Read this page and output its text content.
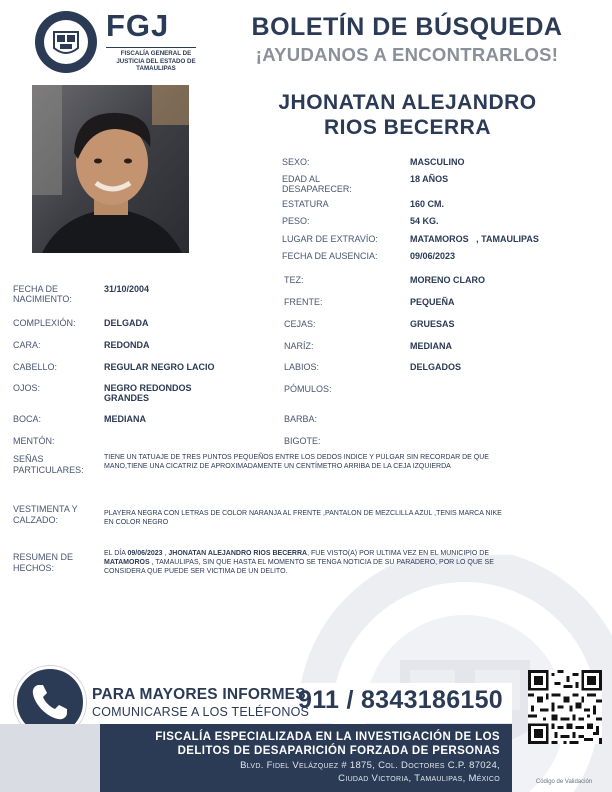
FGJ
FISCALÍA GENERAL DE JUSTICIA DEL ESTADO DE TAMAULIPAS
BOLETÍN DE BÚSQUEDA
¡AYUDANOS A ENCONTRARLOS!
JHONATAN ALEJANDRO
RIOS BECERRA
SEXO:	MASCULINO
EDAD AL
DESAPARECER:
18 AÑOS
ESTATURA	160 CM.
PESO:	54 KG.
LUGAR DE EXTRAVÍO:	MATAMOROS   , TAMAULIPAS
FECHA DE AUSENCIA:	09/06/2023
FECHA DE
NACIMIENTO:
31/10/2004
COMPLEXIÓN:	DELGADA
CARA:	REDONDA
CABELLO:	REGULAR NEGRO LACIO
OJOS:	NEGRO REDONDOS
GRANDES
BOCA:	MEDIANA
MENTÓN:
TEZ:	MORENO CLARO
FRENTE:	PEQUEÑA
CEJAS:	GRUESAS
NARÍZ:	MEDIANA
LABIOS:	DELGADOS
PÓMULOS:
BARBA:
BIGOTE:
SEÑAS
PARTICULARES:
TIENE UN TATUAJE DE TRES PUNTOS PEQUEÑOS ENTRE LOS DEDOS INDICE Y PULGAR SIN RECORDAR DE QUE
MANO,TIENE UNA CICATRIZ DE APROXIMADAMENTE UN CENTÍMETRO ARRIBA DE LA CEJA IZQUIERDA
VESTIMENTA Y
CALZADO:
PLAYERA NEGRA CON LETRAS DE COLOR NARANJA AL FRENTE ,PANTALON DE MEZCLILLA AZUL ,TENIS MARCA NIKE
EN COLOR NEGRO
RESUMEN DE
HECHOS:
EL DÍA 09/06/2023 , JHONATAN ALEJANDRO RIOS BECERRA, FUE VISTO(A) POR ULTIMA VEZ EN EL MUNICIPIO DE
MATAMOROS , TAMAULIPAS, SIN QUE HASTA EL MOMENTO SE TENGA NOTICIA DE SU PARADERO, POR LO QUE SE
CONSIDERA QUE PUEDE SER VICTIMA DE UN DELITO.
PARA MAYORES INFORMES,
COMUNICARSE A LOS TELÉFONOS
911 / 8343186150
FISCALÍA ESPECIALIZADA EN LA INVESTIGACIÓN DE LOS
DELITOS DE DESAPARICIÓN FORZADA DE PERSONAS
Blvd. Fidel Velázquez # 1875, Col. Doctores C.P. 87024,
Ciudad Victoria, Tamaulipas, México	Código de Validación
